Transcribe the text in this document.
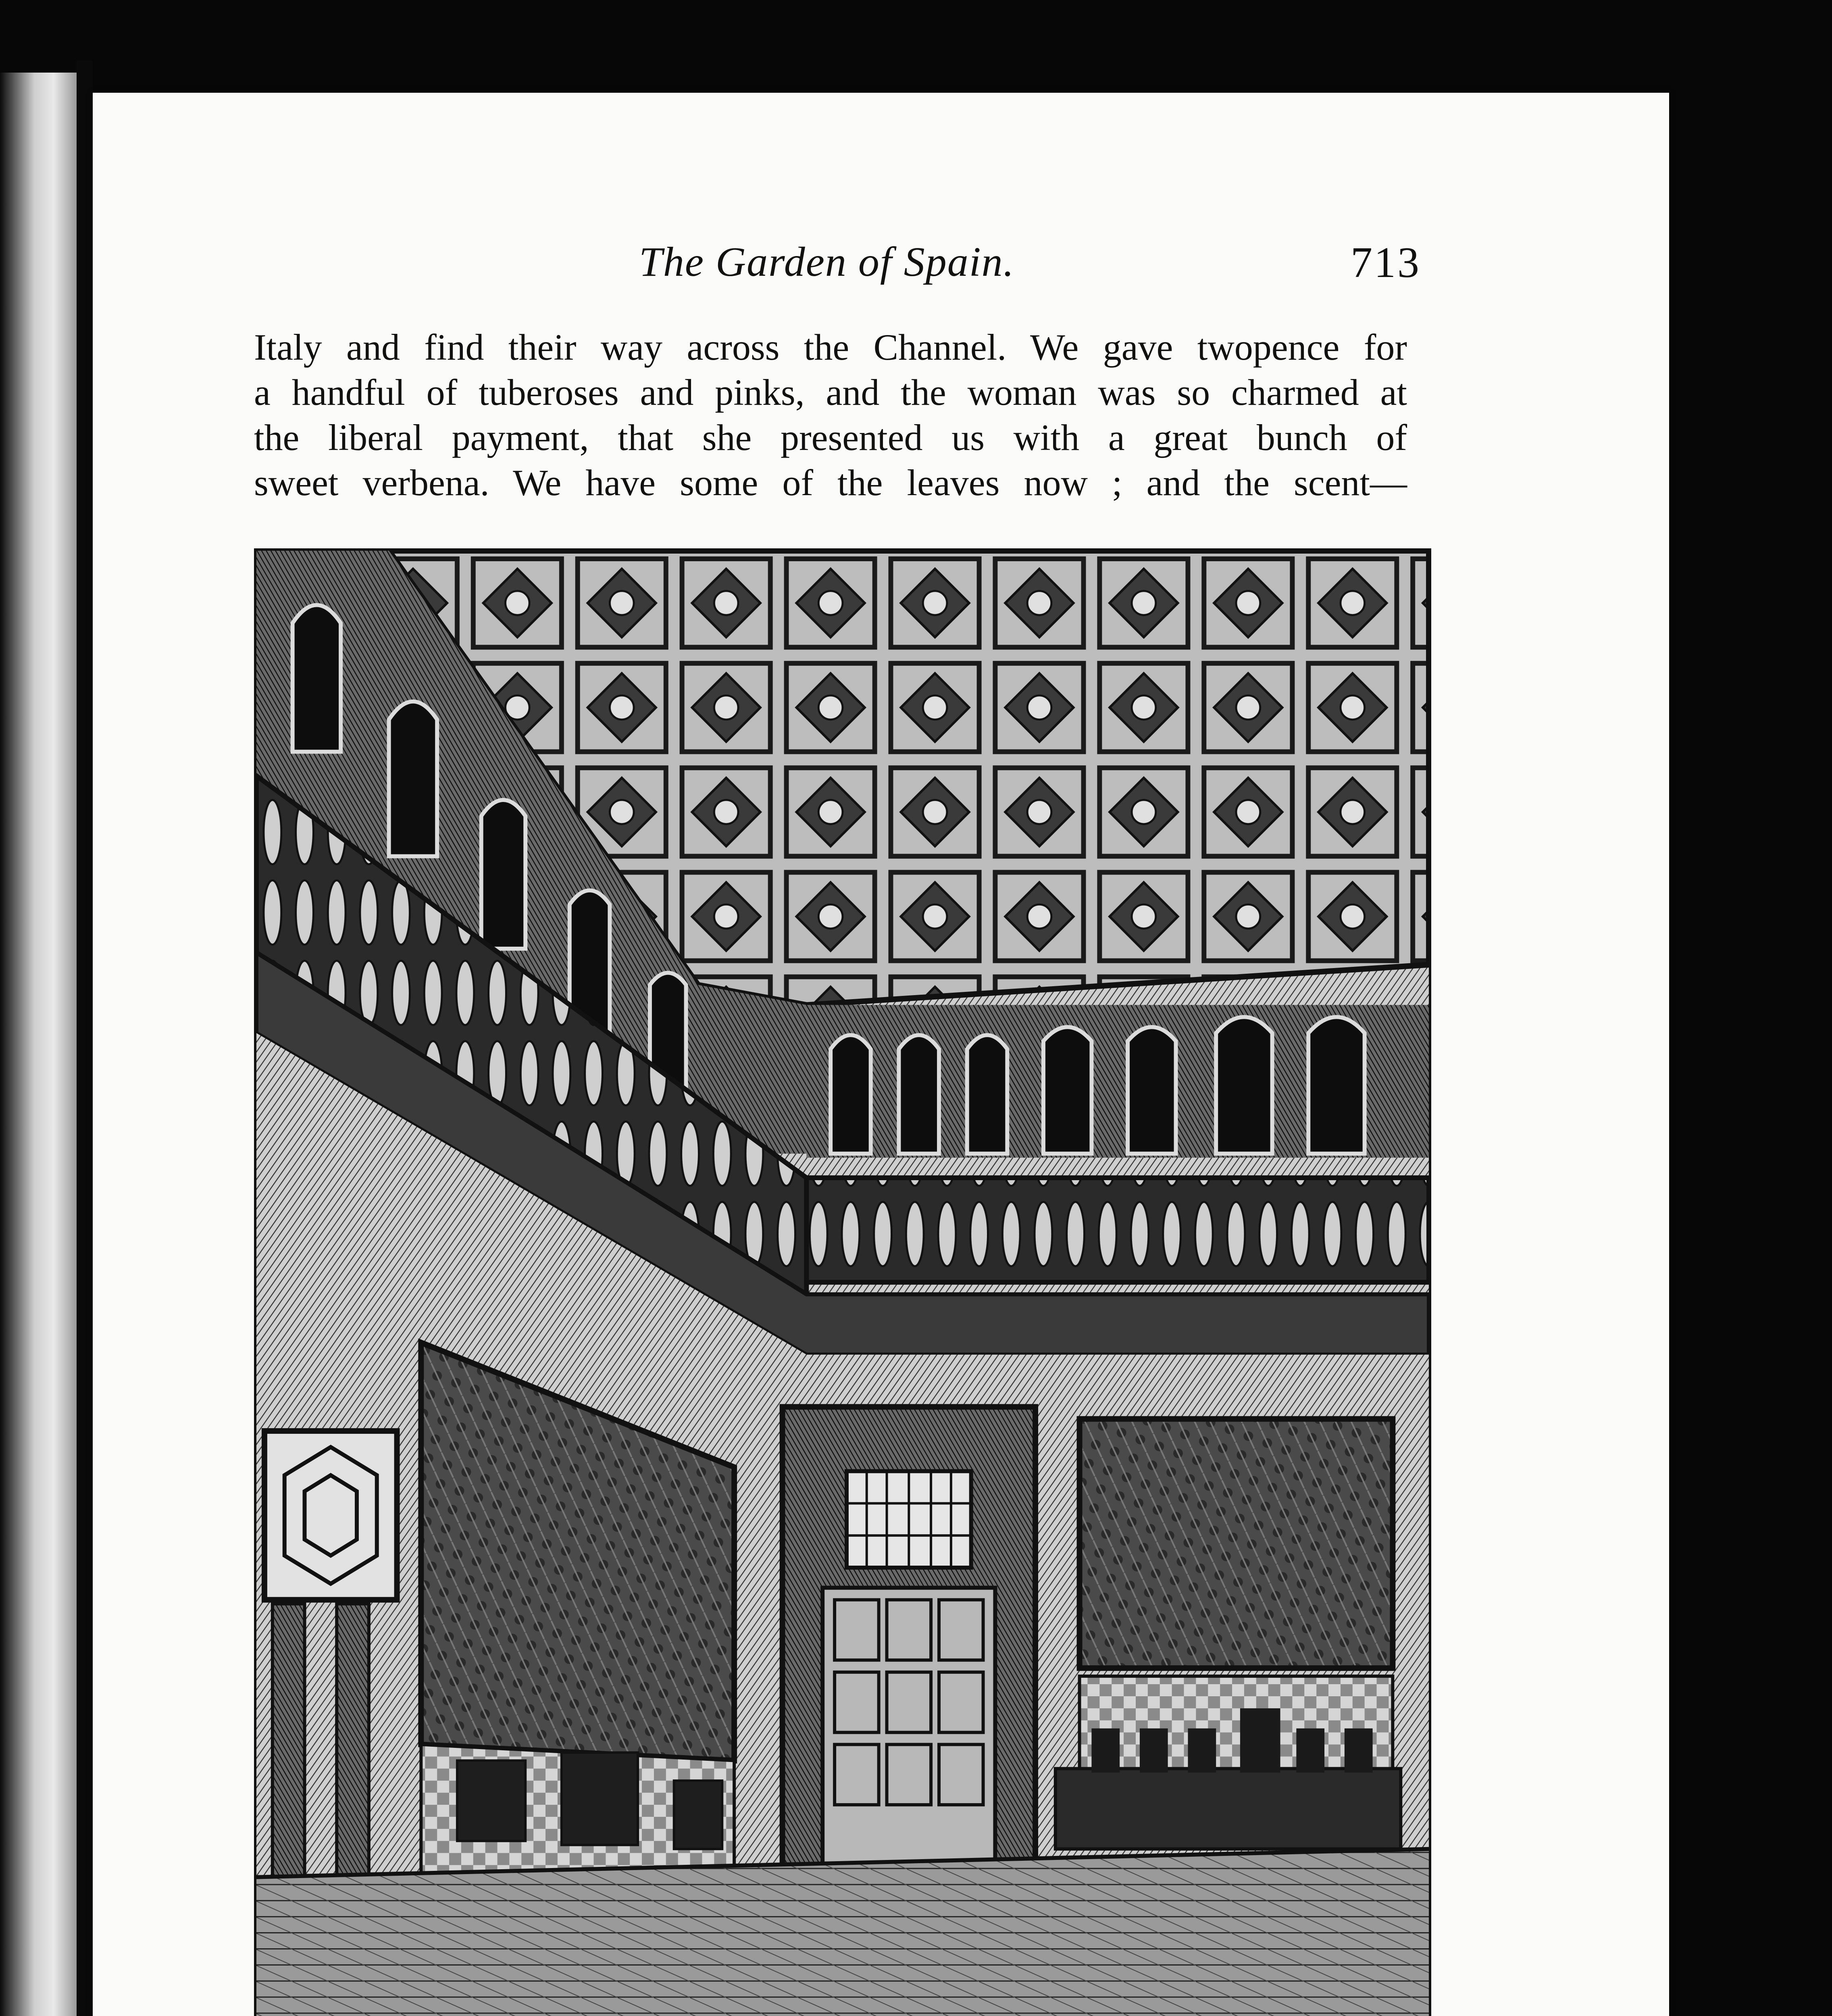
The Garden of Spain.	713
Italy and find their way across the Channel. We gave twopence for
a handful of tuberoses and pinks, and the woman was so charmed at
the liberal payment, that she presented us with a great bunch of
sweet verbena. We have some of the leaves now ; and the scent—
